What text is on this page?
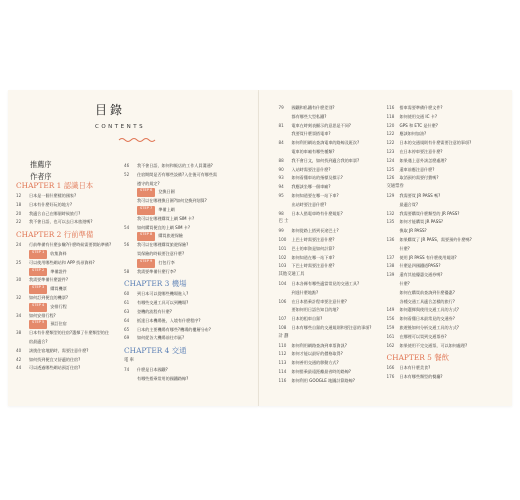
CHAPTER 1 認識日本
12	日本是一個什麼樣的國家?
18	日本有什麼好玩的地方?
20	我適合自己在哪個時候旅行?
22	我不會日語，也可以去日本旅遊嗎?
CHAPTER 2 行前準備
24	行前準備有什麼步驟?什麼時候需要開始準備?
STEP 1	收集資料
25	可以使用哪些網站和 APP 找尋資料?
STEP 2	準備證件
30	我需要準備什麼證件?
STEP 3	購買機票
32	如何訂到便宜的機票?
STEP 4	安排行程
34	如何安排行程?
STEP 5	預訂住宿
38	日本有什麼類型的住宿?選擇了什麼類型的住
宿最適合?
40	該挑住宿地點時，需要注意什麼?
42	如何找到便宜又舒適的住宿?
44	可以透過哪些網站預訂住宿?
46	我不會日語，如何和飯店的工作人員溝通?
52	住宿期間是否有哪些設備?入住後可有哪些需
遵守的規定?
STEP 6	兌換日圓
我可以在哪裡換日圓?如何兌換到划算?
STEP 7	準備上網
我可以在哪裡購買上網 SIM 卡?
54	如何購買便宜的上網 SIM 卡?
STEP 8	購買旅遊保險
56	我可以在哪裡購買旅遊保險?
買保險的時候要注意什麼?
STEP 9	打包行李
58	我需要準備什麼行李?
CHAPTER 3 機場
60	到日本可以從哪些機場進入?
61	有哪些交通工具可以到機場?
63	登機的流程有什麼?
64	抵達日本機場後，入境有什麼程序?
65	日本的主要機場有哪些?機場的樓層分布?
69	如何從各大機場前往市區?
CHAPTER 4 交通
電 車
74	什麼是日本國鐵?
有哪些搭乘常用的國鐵路線?
79	國鐵和私鐵有什麼差別?
都有哪些大型私鐵?
81	電車在時刻表顯示的意思是不同?
我要買什麼票搭電車?
84	如何利用網站查詢電車的路線及班次?
電車的車廂有哪些種類?
88	我不會日文，如何找到適合我的車票?
90	入站時需要注意什麼?
93	如何看懂車站的指標及標示?
94	我應該坐哪一個車廂?
95	如何知道要在哪一站下車?
出站時要注意什麼?
98	日本人搭電車時有什麼規矩?
巴 士
99	如何從路上搭到長途巴士?
100	上巴士時需要注意什麼?
101	巴士的車資是如何計算?
102	如何知道在哪一站下車?
103	下巴士時需要注意什麼?
其他交通工具
104	日本各縣有哪些適當常見的交通工具?
到達什麼地點?
106	在日本搭乘計程車要注意什麼?
要如何用日語告知目的地?
107	日本的租車自駕?
108	日本有哪些自駕的交通規則和要注意的事項?
計 劃
110	如何利用網路查詢到車票資訊?
112	如何才能以最好的價格取得?
113	如何善用交通的移動方式?
114	如何搭乘最遠距離最省時的路線?
116	如何利用 GOOGLE 地圖計算路線?
116	搭車需要準備什麼文件?
118	如何使用交通 IC 卡?
120	GPS 和 ETC 是什麼?
122	應該如何加油?
122	日本的交通規則有什麼需要注意的事項?
123	在日本停車要注意什麼?
124	如果遇上意外該怎麼處理?
125	還車前應注意什麼?
126	取消預約需要付費嗎?
交通票券
129	我需要買 JR PASS 嗎?
最適合買?
132	我需要購買什麼類型的 JR PASS?
135	如何才能購買 JR PASS?
換取 JR PASS?
136	如果購買了 JR PASS，需要預約什麼嗎?
什麼?
137	使用 JR PASS 有什麼使用規則?
138	什麼是四國鐵道PASS?
139	還有其他優惠交通券嗎?
什麼?
如何在購買前查詢到什麼優惠?
各種交通工具適合怎樣的旅行?
149	如何選擇與使用交通工具的方式?
156	如何看懂日本最常見的交通券?
159	旅遊後如何分析交通工具的方式?
161	在哪裡可以買到交通票券?
162	如果使用不完交通票，可以如何處理?
CHAPTER 5 餐飲
166	日本有什麼美食?
176	日本有哪些類型的餐廳?
目錄
CONTENTS
推薦序
作者序
